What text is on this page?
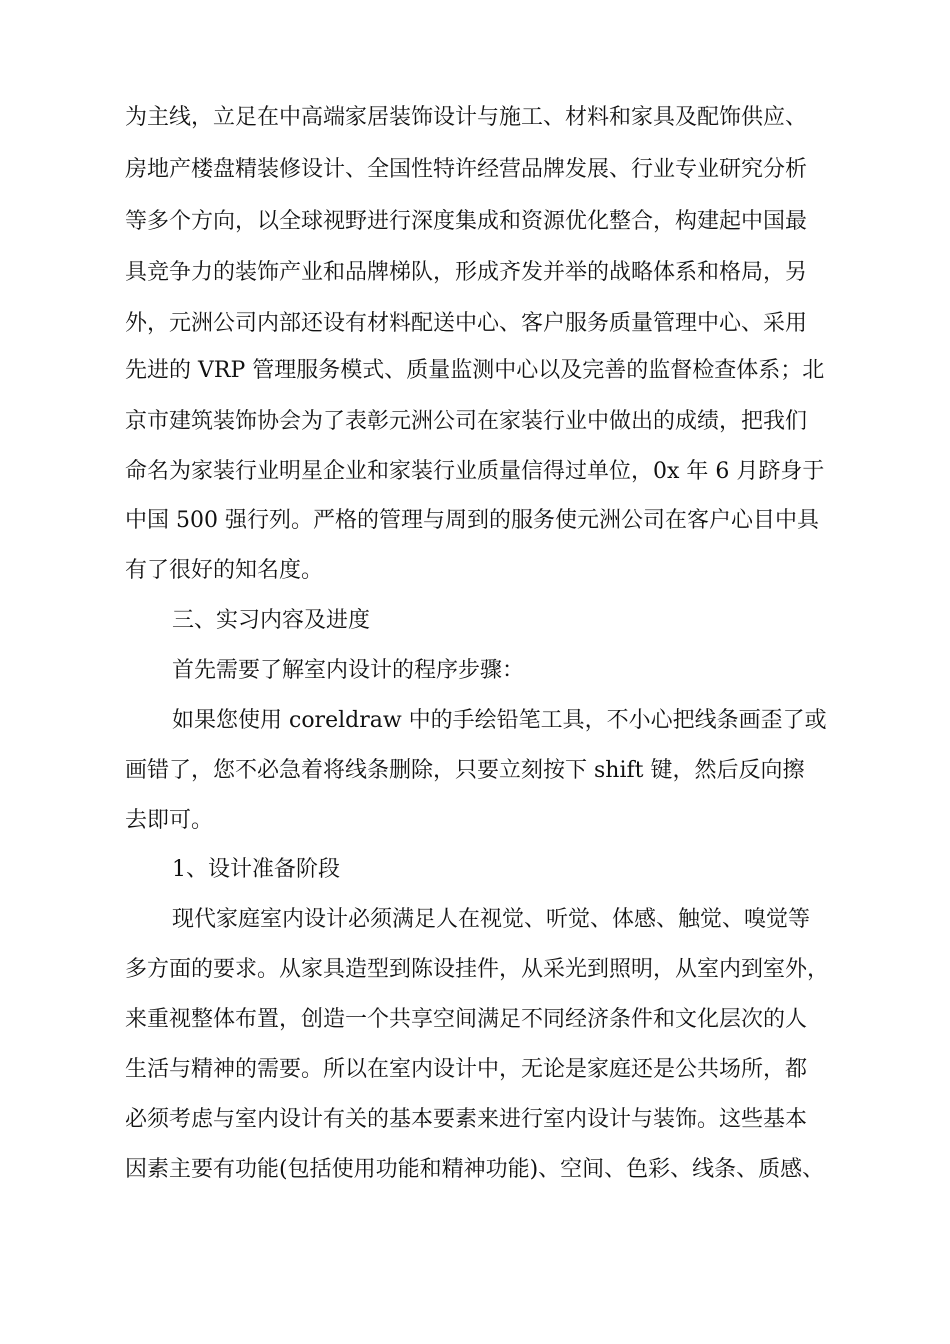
为主线，立足在中高端家居装饰设计与施工、材料和家具及配饰供应、
房地产楼盘精装修设计、全国性特许经营品牌发展、行业专业研究分析
等多个方向，以全球视野进行深度集成和资源优化整合，构建起中国最
具竞争力的装饰产业和品牌梯队，形成齐发并举的战略体系和格局，另
外，元洲公司内部还设有材料配送中心、客户服务质量管理中心、采用
先进的 VRP 管理服务模式、质量监测中心以及完善的监督检查体系；北
京市建筑装饰协会为了表彰元洲公司在家装行业中做出的成绩，把我们
命名为家装行业明星企业和家装行业质量信得过单位，0x 年 6 月跻身于
中国 500 强行列。严格的管理与周到的服务使元洲公司在客户心目中具
有了很好的知名度。
三、实习内容及进度
首先需要了解室内设计的程序步骤：
如果您使用 coreldraw 中的手绘铅笔工具，不小心把线条画歪了或
画错了，您不必急着将线条删除，只要立刻按下 shift 键，然后反向擦
去即可。
1、设计准备阶段
现代家庭室内设计必须满足人在视觉、听觉、体感、触觉、嗅觉等
多方面的要求。从家具造型到陈设挂件，从采光到照明，从室内到室外，
来重视整体布置，创造一个共享空间满足不同经济条件和文化层次的人
生活与精神的需要。所以在室内设计中，无论是家庭还是公共场所，都
必须考虑与室内设计有关的基本要素来进行室内设计与装饰。这些基本
因素主要有功能(包括使用功能和精神功能)、空间、色彩、线条、质感、
